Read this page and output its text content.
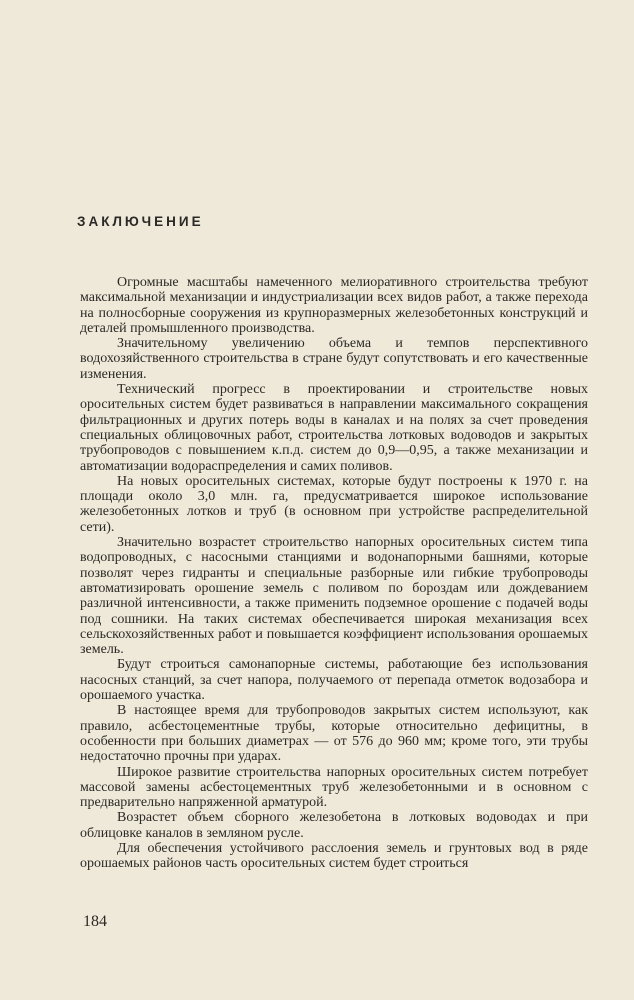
ЗАКЛЮЧЕНИЕ

Огромные масштабы намеченного мелиоративного строительства требуют максимальной механизации и индустриализации всех видов работ, а также перехода на полносборные сооружения из крупноразмерных железобетонных конструкций и деталей промышленного производства.

Значительному увеличению объема и темпов перспективного водохозяйственного строительства в стране будут сопутствовать и его качественные изменения.

Технический прогресс в проектировании и строительстве новых оросительных систем будет развиваться в направлении максимального сокращения фильтрационных и других потерь воды в каналах и на полях за счет проведения специальных облицовочных работ, строительства лотковых водоводов и закрытых трубопроводов с повышением к.п.д. систем до 0,9—0,95, а также механизации и автоматизации водораспределения и самих поливов.

На новых оросительных системах, которые будут построены к 1970 г. на площади около 3,0 млн. га, предусматривается широкое использование железобетонных лотков и труб (в основном при устройстве распределительной сети).

Значительно возрастет строительство напорных оросительных систем типа водопроводных, с насосными станциями и водонапорными башнями, которые позволят через гидранты и специальные разборные или гибкие трубопроводы автоматизировать орошение земель с поливом по бороздам или дождеванием различной интенсивности, а также применить подземное орошение с подачей воды под сошники. На таких системах обеспечивается широкая механизация всех сельскохозяйственных работ и повышается коэффициент использования орошаемых земель.

Будут строиться самонапорные системы, работающие без использования насосных станций, за счет напора, получаемого от перепада отметок водозабора и орошаемого участка.

В настоящее время для трубопроводов закрытых систем используют, как правило, асбестоцементные трубы, которые относительно дефицитны, в особенности при больших диаметрах — от 576 до 960 мм; кроме того, эти трубы недостаточно прочны при ударах.

Широкое развитие строительства напорных оросительных систем потребует массовой замены асбестоцементных труб железобетонными и в основном с предварительно напряженной арматурой.

Возрастет объем сборного железобетона в лотковых водоводах и при облицовке каналов в земляном русле.

Для обеспечения устойчивого расслоения земель и грунтовых вод в ряде орошаемых районов часть оросительных систем будет строиться

184
